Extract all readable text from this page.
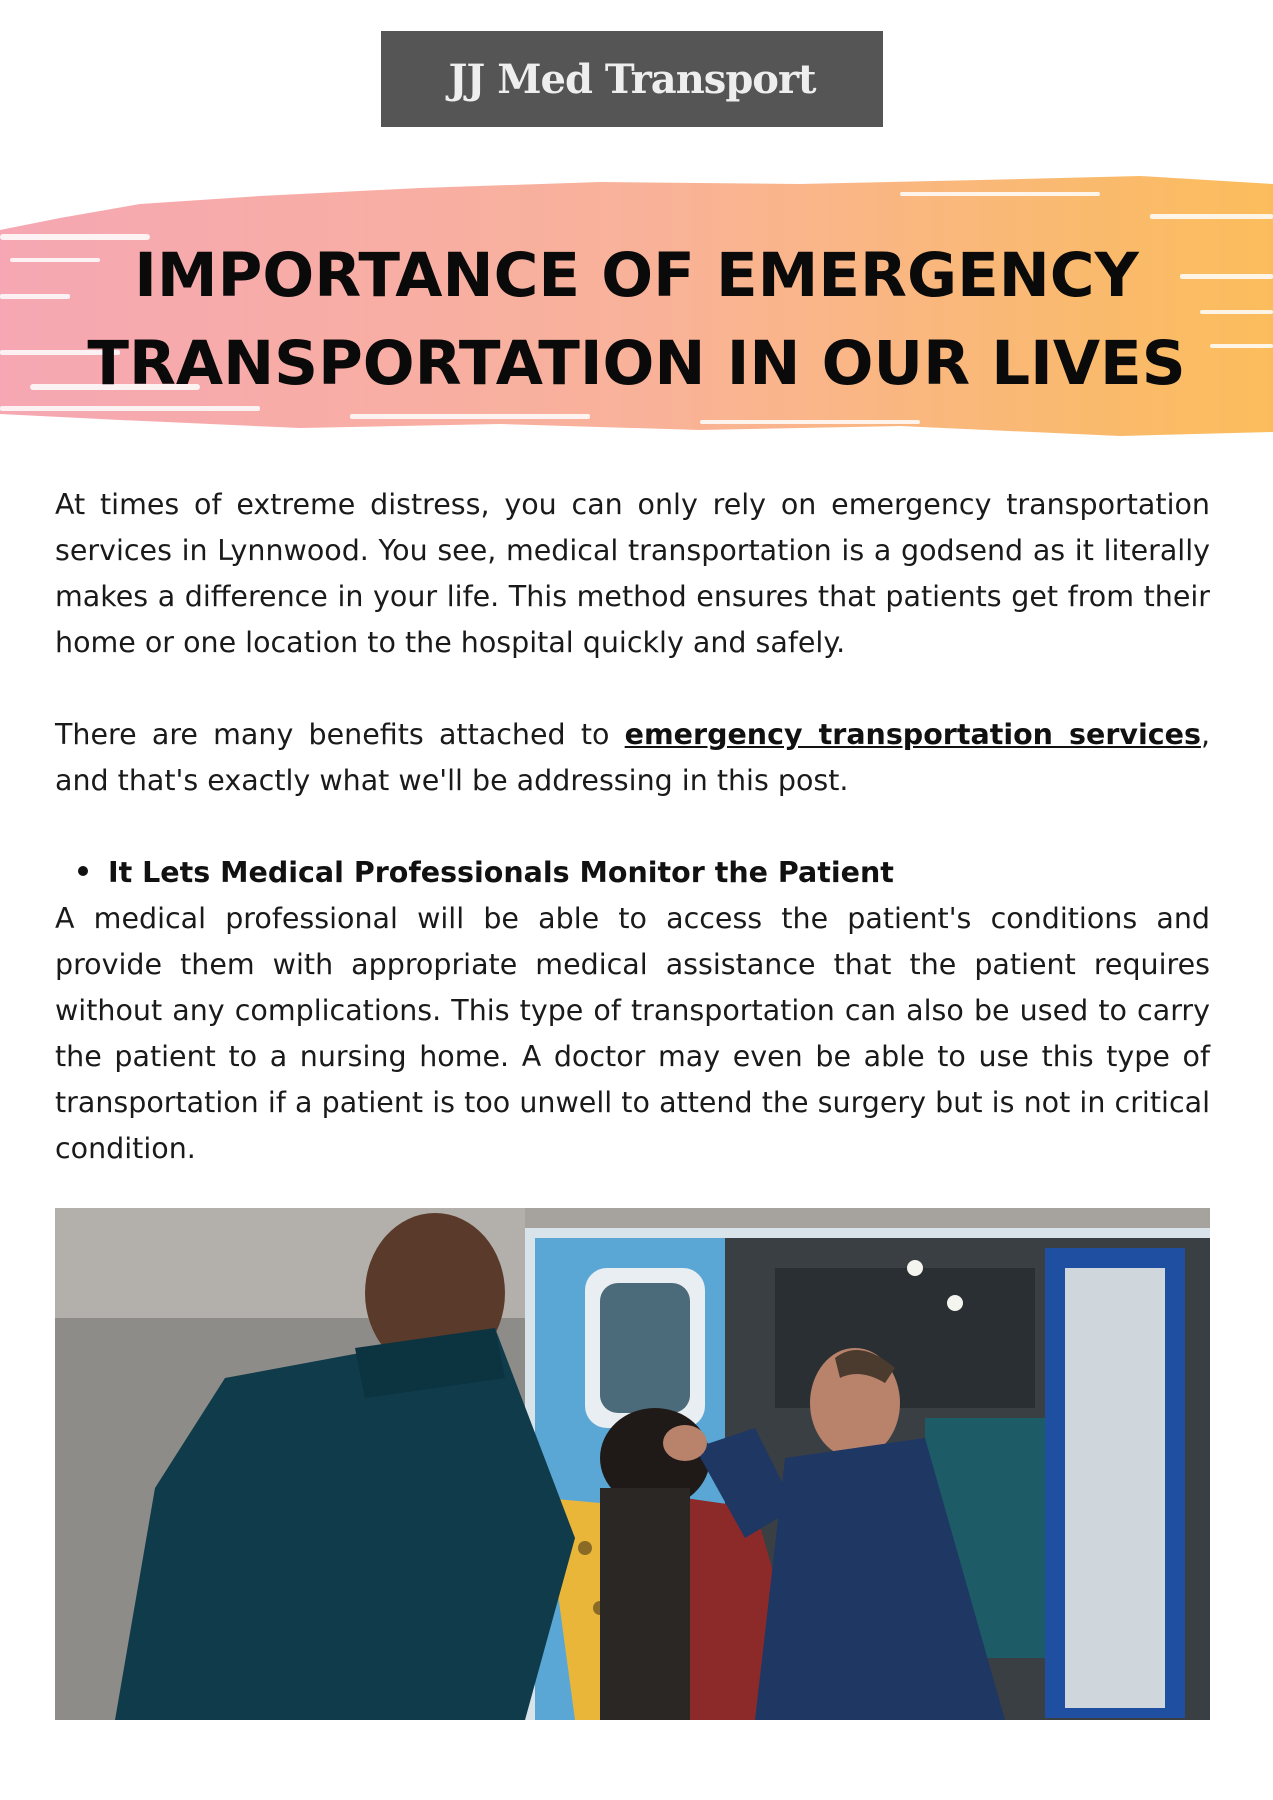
JJ Med Transport
IMPORTANCE OF EMERGENCY
TRANSPORTATION IN OUR LIVES
At times of extreme distress, you can only rely on emergency transportation services in Lynnwood. You see, medical transportation is a godsend as it literally makes a difference in your life. This method ensures that patients get from their home or one location to the hospital quickly and safely.
There are many benefits attached to emergency transportation services, and that's exactly what we'll be addressing in this post.
It Lets Medical Professionals Monitor the Patient
A medical professional will be able to access the patient's conditions and provide them with appropriate medical assistance that the patient requires without any complications. This type of transportation can also be used to carry the patient to a nursing home. A doctor may even be able to use this type of transportation if a patient is too unwell to attend the surgery but is not in critical condition.
